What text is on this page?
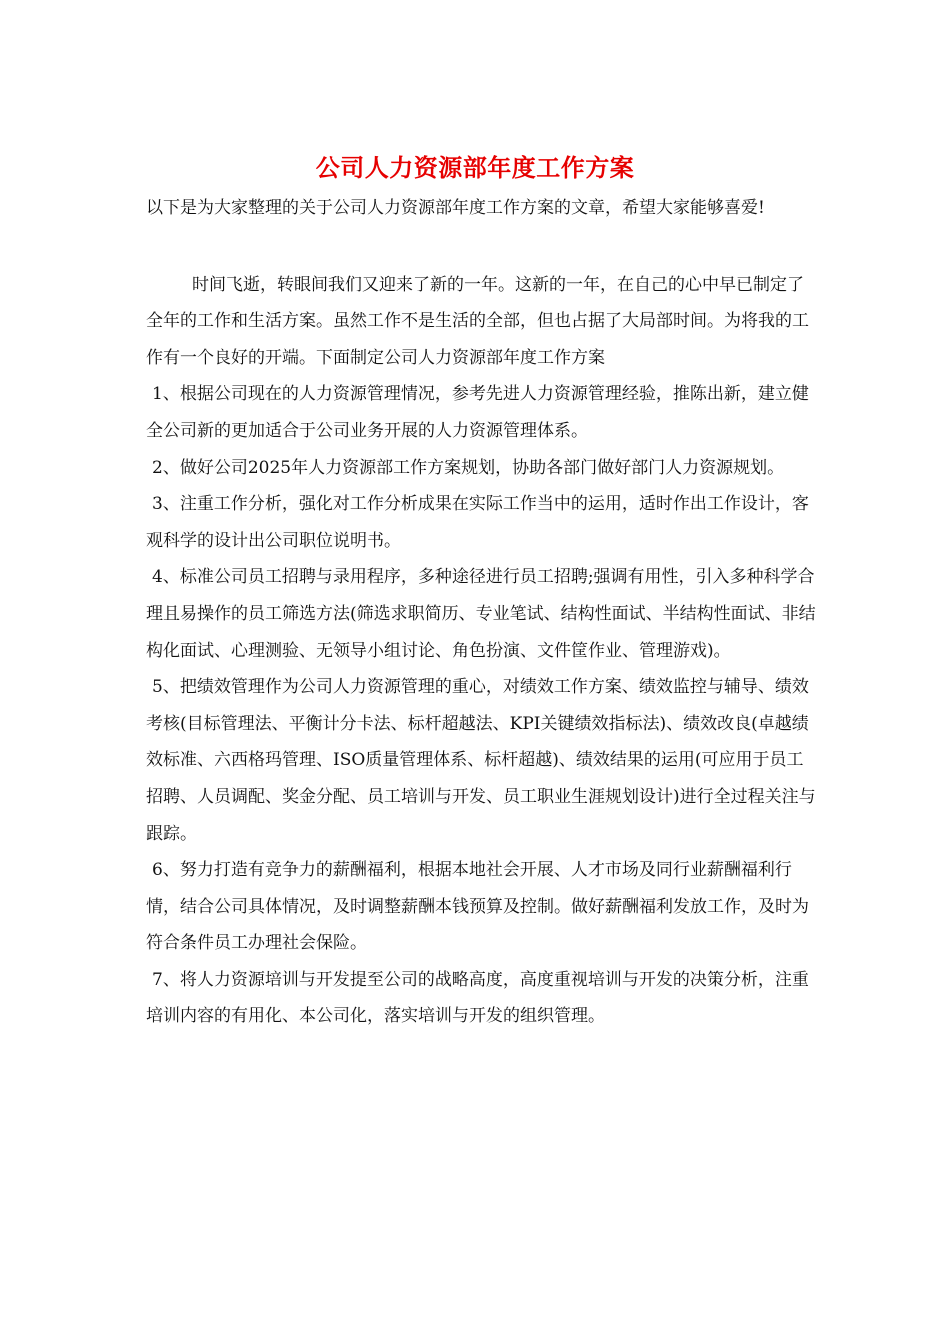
公司人力资源部年度工作方案

以下是为大家整理的关于公司人力资源部年度工作方案的文章，希望大家能够喜爱!

时间飞逝，转眼间我们又迎来了新的一年。这新的一年，在自己的心中早已制定了全年的工作和生活方案。虽然工作不是生活的全部，但也占据了大局部时间。为将我的工作有一个良好的开端。下面制定公司人力资源部年度工作方案

1、根据公司现在的人力资源管理情况，参考先进人力资源管理经验，推陈出新，建立健全公司新的更加适合于公司业务开展的人力资源管理体系。

2、做好公司2025年人力资源部工作方案规划，协助各部门做好部门人力资源规划。

3、注重工作分析，强化对工作分析成果在实际工作当中的运用，适时作出工作设计，客观科学的设计出公司职位说明书。

4、标准公司员工招聘与录用程序，多种途径进行员工招聘;强调有用性，引入多种科学合理且易操作的员工筛选方法(筛选求职简历、专业笔试、结构性面试、半结构性面试、非结构化面试、心理测验、无领导小组讨论、角色扮演、文件筐作业、管理游戏)。

5、把绩效管理作为公司人力资源管理的重心，对绩效工作方案、绩效监控与辅导、绩效考核(目标管理法、平衡计分卡法、标杆超越法、KPI关键绩效指标法)、绩效改良(卓越绩效标准、六西格玛管理、ISO质量管理体系、标杆超越)、绩效结果的运用(可应用于员工招聘、人员调配、奖金分配、员工培训与开发、员工职业生涯规划设计)进行全过程关注与跟踪。

6、努力打造有竞争力的薪酬福利，根据本地社会开展、人才市场及同行业薪酬福利行情，结合公司具体情况，及时调整薪酬本钱预算及控制。做好薪酬福利发放工作，及时为符合条件员工办理社会保险。

7、将人力资源培训与开发提至公司的战略高度，高度重视培训与开发的决策分析，注重培训内容的有用化、本公司化，落实培训与开发的组织管理。
